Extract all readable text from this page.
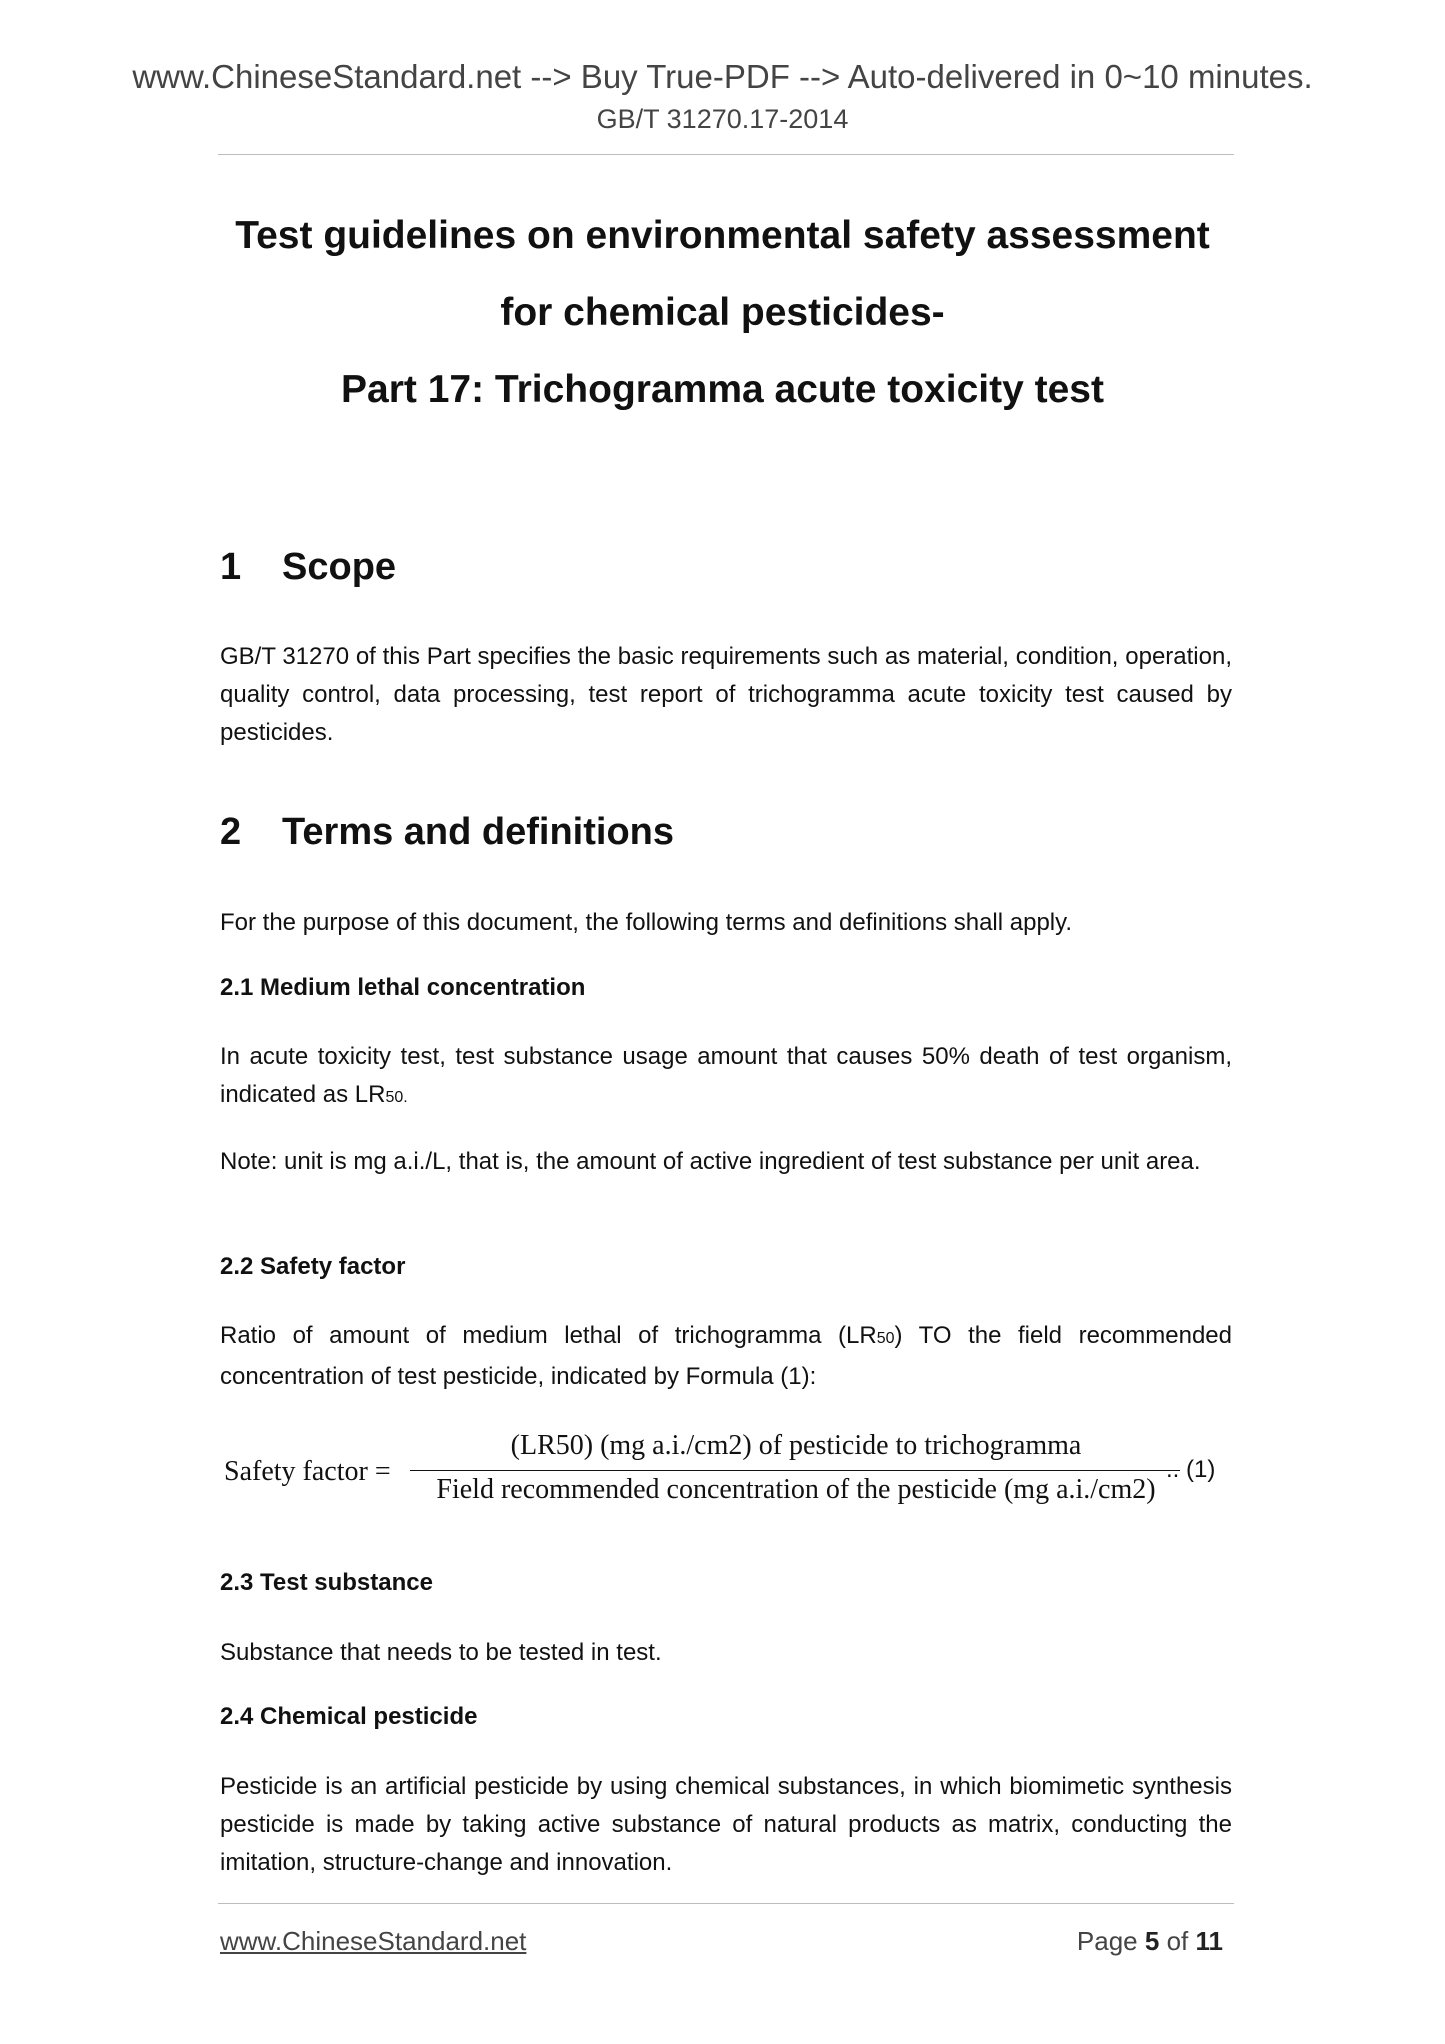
www.ChineseStandard.net --> Buy True-PDF --> Auto-delivered in 0~10 minutes.
GB/T 31270.17-2014
Test guidelines on environmental safety assessment
for chemical pesticides-
Part 17: Trichogramma acute toxicity test
1 Scope
GB/T 31270 of this Part specifies the basic requirements such as material, condition, operation, quality control, data processing, test report of trichogramma acute toxicity test caused by pesticides.
2 Terms and definitions
For the purpose of this document, the following terms and definitions shall apply.
2.1 Medium lethal concentration
In acute toxicity test, test substance usage amount that causes 50% death of test organism, indicated as LR50.
Note: unit is mg a.i./L, that is, the amount of active ingredient of test substance per unit area.
2.2 Safety factor
Ratio of amount of medium lethal of trichogramma (LR50) TO the field recommended concentration of test pesticide, indicated by Formula (1):
Safety factor =
(LR50) (mg a.i./cm2) of pesticide to trichogramma
Field recommended concentration of the pesticide (mg a.i./cm2)
.. (1)
2.3 Test substance
Substance that needs to be tested in test.
2.4 Chemical pesticide
Pesticide is an artificial pesticide by using chemical substances, in which biomimetic synthesis pesticide is made by taking active substance of natural products as matrix, conducting the imitation, structure-change and innovation.
www.ChineseStandard.net	Page 5 of 11
